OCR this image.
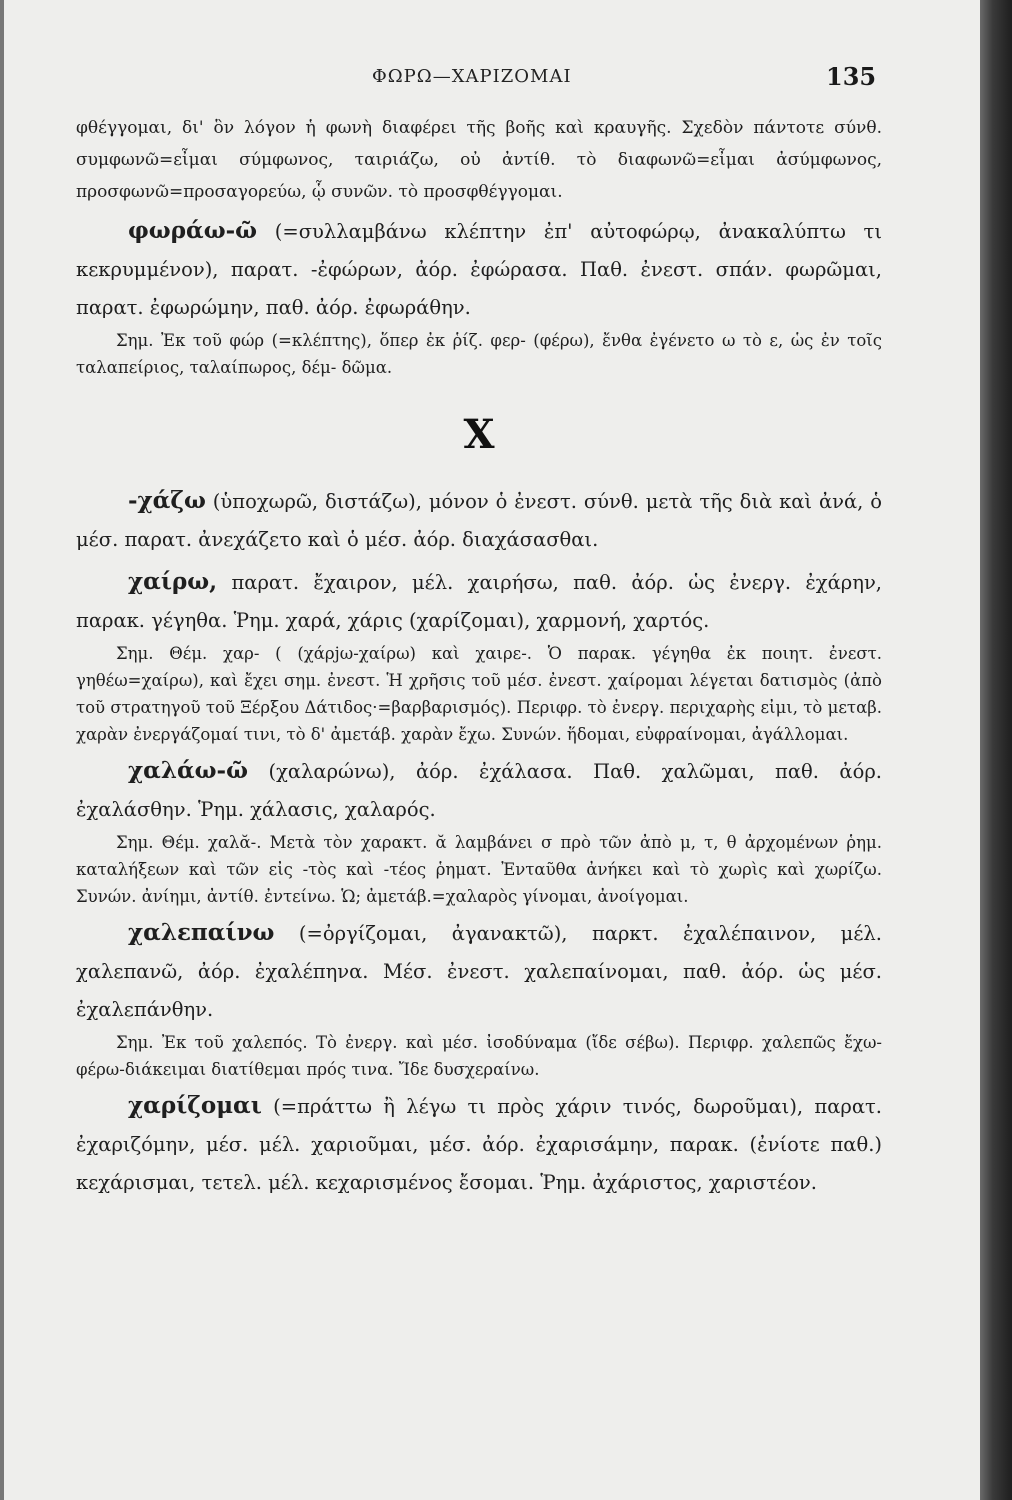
ΦΩΡΩ—ΧΑΡΙΖΟΜΑΙ	135

φθέγγομαι, δι' ὃν λόγον ἡ φωνὴ διαφέρει τῆς βοῆς καὶ κραυγῆς. Σχεδὸν πάντοτε σύνθ. συμφωνῶ=εἶμαι σύμφωνος, ταιριάζω, οὐ ἀντίθ. τὸ διαφωνῶ=εἶμαι ἀσύμφωνος, προσφωνῶ=προσαγορεύω, ᾧ συνῶν. τὸ προσφθέγγομαι.

φωράω-ῶ (=συλλαμβάνω κλέπτην ἐπ' αὐτοφώρῳ, ἀνακαλύπτω τι κεκρυμμένον), παρατ. -ἐφώρων, ἀόρ. ἐφώρασα. Παθ. ἐνεστ. σπάν. φωρῶμαι, παρατ. ἐφωρώμην, παθ. ἀόρ. ἐφωράθην.

Σημ. Ἐκ τοῦ φώρ (=κλέπτης), ὅπερ ἐκ ῥίζ. φερ- (φέρω), ἔνθα ἐγένετο ω τὸ ε, ὡς ἐν τοῖς ταλαπείριος, ταλαίπωρος, δέμ- δῶμα.

Χ

-χάζω (ὑποχωρῶ, διστάζω), μόνον ὁ ἐνεστ. σύνθ. μετὰ τῆς διὰ καὶ ἀνά, ὁ μέσ. παρατ. ἀνεχάζετο καὶ ὁ μέσ. ἀόρ. διαχάσασθαι.

χαίρω, παρατ. ἔχαιρον, μέλ. χαιρήσω, παθ. ἀόρ. ὡς ἐνεργ. ἐχάρην, παρακ. γέγηθα. Ῥημ. χαρά, χάρις (χαρίζομαι), χαρμονή, χαρτός.

Σημ. Θέμ. χαρ- ( (χάρjω-χαίρω) καὶ χαιρε-. Ὁ παρακ. γέγηθα ἐκ ποιητ. ἐνεστ. γηθέω=χαίρω), καὶ ἔχει σημ. ἐνεστ. Ἡ χρῆσις τοῦ μέσ. ἐνεστ. χαίρομαι λέγεται δατισμὸς (ἀπὸ τοῦ στρατηγοῦ τοῦ Ξέρξου Δάτιδος·=βαρβαρισμός). Περιφρ. τὸ ἐνεργ. περιχαρὴς εἰμι, τὸ μεταβ. χαρὰν ἐνεργάζομαί τινι, τὸ δ' ἀμετάβ. χαρὰν ἔχω. Συνών. ἥδομαι, εὐφραίνομαι, ἀγάλλομαι.

χαλάω-ῶ (χαλαρώνω), ἀόρ. ἐχάλασα. Παθ. χαλῶμαι, παθ. ἀόρ. ἐχαλάσθην. Ῥημ. χάλασις, χαλαρός.

Σημ. Θέμ. χαλᾰ-. Μετὰ τὸν χαρακτ. ᾰ λαμβάνει σ πρὸ τῶν ἀπὸ μ, τ, θ ἀρχομένων ῥημ. καταλήξεων καὶ τῶν εἰς -τὸς καὶ -τέος ῥηματ. Ἐνταῦθα ἀνήκει καὶ τὸ χωρὶς καὶ χωρίζω. Συνών. ἀνίημι, ἀντίθ. ἐντείνω. Ὡ; ἀμετάβ.=χαλαρὸς γίνομαι, ἀνοίγομαι.

χαλεπαίνω (=ὀργίζομαι, ἀγανακτῶ), παρκτ. ἐχαλέπαινον, μέλ. χαλεπανῶ, ἀόρ. ἐχαλέπηνα. Μέσ. ἐνεστ. χαλεπαίνομαι, παθ. ἀόρ. ὡς μέσ. ἐχαλεπάνθην.

Σημ. Ἐκ τοῦ χαλεπός. Τὸ ἐνεργ. καὶ μέσ. ἰσοδύναμα (ἴδε σέβω). Περιφρ. χαλεπῶς ἔχω-φέρω-διάκειμαι διατίθεμαι πρός τινα. Ἴδε δυσχεραίνω.

χαρίζομαι (=πράττω ἢ λέγω τι πρὸς χάριν τινός, δωροῦμαι), παρατ. ἐχαριζόμην, μέσ. μέλ. χαριοῦμαι, μέσ. ἀόρ. ἐχαρισάμην, παρακ. (ἐνίοτε παθ.) κεχάρισμαι, τετελ. μέλ. κεχαρισμένος ἔσομαι. Ῥημ. ἀχάριστος, χαριστέον.
